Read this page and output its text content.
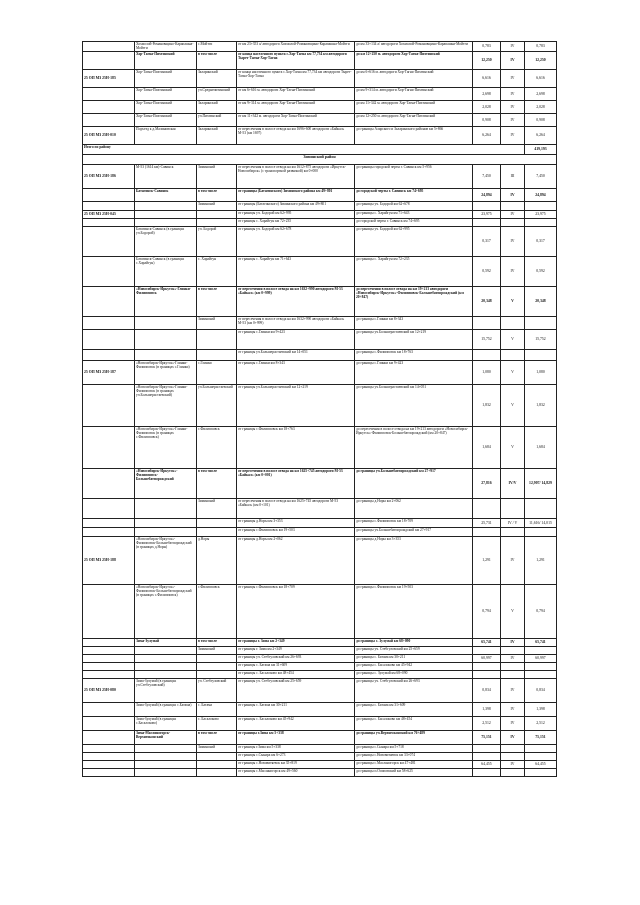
	Хохмолой-Романовщино-Карапашна-Мойтги	с.Мойтги	от км 23+353 а/ автодороги Хохмолой-Романовщино-Карапашна-Мойтги	до км 33+134 а/ автодороги Хохмолой-Романовщино-Карапашна-Мойтги	0,783	IV	0,783
	Хор-Тагна-Пихтинский	в том числе	от конца населенного пункта с.Хор-Тагна км 77,734 км автодороги Тырет-Тагна-Хор-Тагна	до км 12+250 м. автодороги Хор-Тагна-Пихтинский	12,250	IV	12,250
25 ОП МЗ 25Н-185	Хор-Тагна-Пихтинский	Заларинский	от конца населенного пункта с.Хор-Тагна км 77,734 км автодороги Тырет-Тагна-Хор-Тагна	до км 6+616 м. автодороги Хор-Тагна-Пихтинский	6,616	IV	6,616
	Хор-Тагна-Пихтинский	уч.Среднепитинский	от км 6+616 м. автодороги Хор-Тагна-Пихтинский	до км 9+314 м. автодороги Хор-Тагна-Пихтинский	2,698	IV	2,698
	Хор-Тагна-Пихтинский	Заларинский	от км 9+314 м. автодороги Хор-Тагна-Пихтинский	до км 11+342 м. автодороги Хор-Тагна-Пихтинский	2,028	IV	2,028
	Хор-Тагна-Пихтинский	уч.Пихтинский	от км 11+342 м. автодороги Хор-Тагна-Пихтинский	до км 12+250 м. автодороги Хор-Тагна-Пихтинский	0,908	IV	0,908
25 ОП МЗ 25Н-010	Подъезд к д.Малиновская	Заларинский	от пересечения в полосе отвода на км 1696+600 автодороги «Байкал» М-53 (км 1697)	до границы Аларского и Заларинского районов км 5+866	6,264	IV	6,264
Итого по району							419,193
Зиминский район							
25 ОП МЗ 25Н-186	М-53 (1614 км)-Савинск	Зиминский	от пересечения в полосе отвода на км 1612+875 автодороги «Иркутск-Новосибирск» (с транспортной развязкой) км 0+000	до границы городской черты г. Савинск км 5+956	7,450	III	7,450
	Батагинск-Савинск	в том числе	от границы (Батагинского) Зиминского района км 49+801	до городской черты г. Савинск км 74+695	24,894	IV	24,894
		Зиминский	от границы (Батагинского) Зиминского района км 49+801	до границы уч. Бодорой км 62+678			
25 ОП МЗ 25Н-045			от границы уч. Бодорой км 62+995	до границы с. Харайгун км 71+643	23,975	IV	23,975
			от границы с. Харайгун км 72+235	до городской черты г. Савинск км 74+695			
	Батагинск-Савинск (в границах уч.Бодорой)	уч. Бодорой	от границы уч. Бодорой км 62+678	до границы уч. Бодорой км 62+995	0,317	IV	0,317
	Батагинск-Савинск (в границах с.Харайгун)	с. Харайгун	от границы с. Харайгун км 71+643	до границы с. Харайгун км 72+235	0,592	IV	0,592
	«Новосибирск-Иркутск»-Глинки-Филипповск	в том числе	от пересечения в полосе отвода на км 1632+990 автодороги М-53 «Байкал» (км 0+999)	до пересечения в полосе отвода на км 19+213 автодороги «Новосибирск-Иркутск»-Филипповск-Большебатпорождский (км 20+847)	20,348	V	20,348
		Зиминский	от пересечения в полосе отвода на км 1632+990 автодороги «Байкал» М-53 (км 0+999)	до границы с.Глинки км 8+343			
			от границы с.Глинки км 9+423	до границы уч.Большерастаевский км 12+219	15,752	V	15,752
			от границы уч.Большерастаевский км 14+051	до границы с.Филипповск км 18+763			
25 ОП МЗ 25Н-187	«Новосибирск-Иркутск»-Глинки-Филипповск (в границах с.Глинки)	с.Глинки	от границы с.Глинки км 8+343	до границы с.Глинки км 9+423	1,080	V	1,080
	«Новосибирск-Иркутск»-Глинки-Филипповск (в границах уч.Большерастаевский)	уч.Большерастаевский	от границы уч.Большерастаевский км 12+219	до границы уч.Большерастаевский км 14+051	1,832	V	1,832
	«Новосибирск-Иркутск»-Глинки-Филипповск (в границах с.Филипповск)	с.Филипповск	от границы с.Филипповск км 18+763	до пересечения в полосе отвода на км 19+213 автодороги «Новосибирск-Иркутск»-Филипповск-Большебатпорождский (км 20+847)	1,684	V	1,684
	«Новосибирск-Иркутск»-Филипповск-Большебатпорождский	в том числе	от пересечения в полосе отвода на км 1625+745 автодороги М-53 «Байкал» (км 0+001)	до границы уч.Большебатпорождский км 27+917	27,816	IV/V	12,907/ 14,829
		Зиминский	от пересечения в полосе отвода на км 1625+745 автодороги М-53 «Байкал» (км 0+101)	до границы д.Норы км 2+062			
			от границы д.Норы км 3+353	до границы с.Филипповск км 18+709	25,731	IV / V	11,616/ 14,015
			от границы с.Филипповск км 19+503	до границы уч.Большебатпорождский км 27+917			
25 ОП МЗ 25Н-188	«Новосибирск-Иркутск»-Филипповск-Большебатпорождский (в границах д.Норы)	д.Норы	от границы д.Норы км 2+062	до границы д.Норы км 3+353	1,291	IV	1,291
	«Новосибирск-Иркутск»-Филипповск-Большебатпорождский (в границах с.Филипповск)	с.Филипповск	от границы с.Филипповск км 18+709	до границы с.Филипповск км 19+503	0,794	V	0,794
	Зима-Зулумай	в том числе	от границы г. Зима км 2+349	до границы с. Зулумай км 68+090	65,741	IV	65,741
		Зиминский	от границы г. Зима км 2+349	до границы уч. Стебгуловский км 25+659			
			от границы уч. Стебгуловский км 26+693	до границы с. Батама км 30+211	60,997	IV	60,997
			от границы с. Батама км 31+609	до границы с. Басалоково км 45+942			
			от границы с. Басалоково км 48+454	до границы с. Зулумай км 68+090			
25 ОП МЗ 25Н-080	Зима-Зулумай (в границах уч.Стебгуловский)	уч. Стебгуловский	от границы уч. Стебгуловский км 25+659	до границы уч. Стебгуловский км 26+693	0,834	IV	0,834
	Зима-Зулумай (в границах с.Батама)	с. Батама	от границы с. Батама км 30+211	до границы с. Батама км 31+609	1,398	IV	1,398
	Зима-Зулумай (в границах с.Басалоково)	с. Басалоково	от границы с. Басалоково км 45+942	до границы с. Басалоково км 48+454	2,512	IV	2,512
	Зима-Масляногорск-Верхнеоконский	в том числе	от границы г.Зима км 5+338	до границы уч.Верхнеоконский км 76+489	75,151	IV	75,151
		Зиминский	от границы г.Зима км 5+338	до границы с.Сынара км 5+718			
			от границы с.Сынара км 6+273	до границы с.Нововитяевск км 33+074			
			от границы с.Нововитяевск км 35+819	до границы с.Масляногорск км 47+481	64,455	IV	64,455
			от границы с.Масляногорск км 49+560	до границы п.Осиповский км 58+625			
